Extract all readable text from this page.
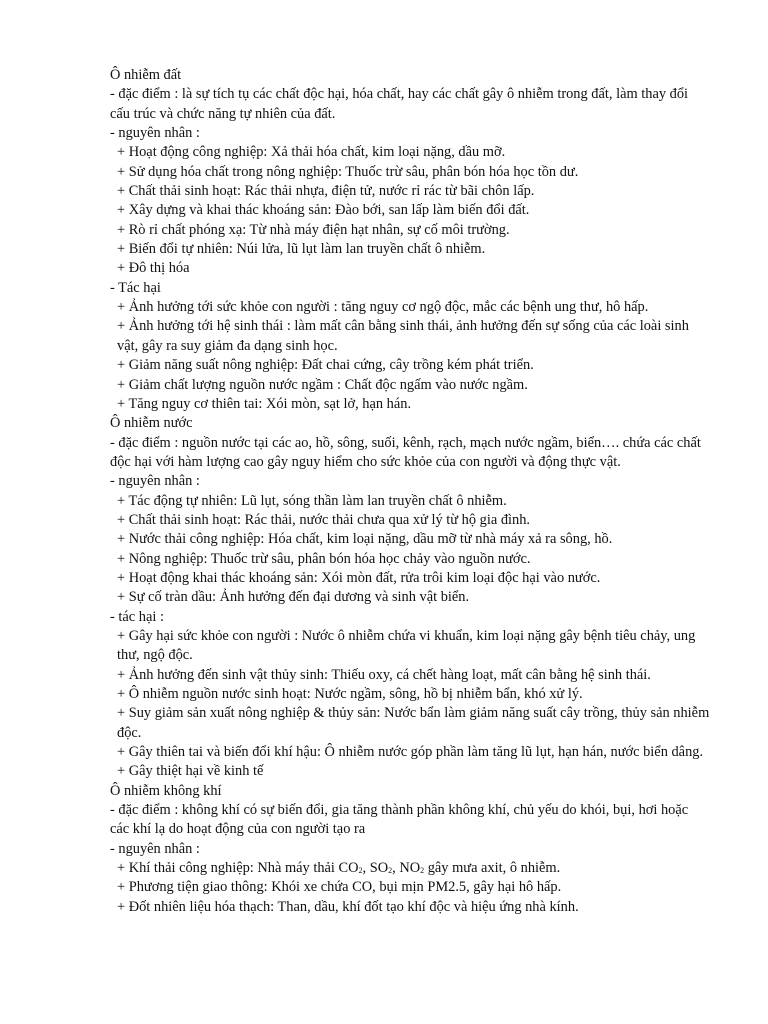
Ô nhiễm đất

- đặc điểm : là sự tích tụ các chất độc hại, hóa chất, hay các chất gây ô nhiễm trong đất, làm thay đổi cấu trúc và chức năng tự nhiên của đất.

- nguyên nhân :

+ Hoạt động công nghiệp: Xả thải hóa chất, kim loại nặng, dầu mỡ.

+ Sử dụng hóa chất trong nông nghiệp: Thuốc trừ sâu, phân bón hóa học tồn dư.

+ Chất thải sinh hoạt: Rác thải nhựa, điện tử, nước rỉ rác từ bãi chôn lấp.

+ Xây dựng và khai thác khoáng sản: Đào bới, san lấp làm biến đổi đất.

+ Rò rỉ chất phóng xạ: Từ nhà máy điện hạt nhân, sự cố môi trường.

+ Biến đổi tự nhiên: Núi lửa, lũ lụt làm lan truyền chất ô nhiễm.

+ Đô thị hóa

- Tác hại

+ Ảnh hưởng tới sức khỏe con người : tăng nguy cơ ngộ độc, mắc các bệnh ung thư, hô hấp.

+ Ảnh hưởng tới hệ sinh thái : làm mất cân bằng sinh thái, ảnh hưởng đến sự sống của các loài sinh vật, gây ra suy giảm đa dạng sinh học.

+ Giảm năng suất nông nghiệp: Đất chai cứng, cây trồng kém phát triển.

+ Giảm chất lượng nguồn nước ngầm : Chất độc ngấm vào nước ngầm.

+ Tăng nguy cơ thiên tai: Xói mòn, sạt lở, hạn hán.

Ô nhiễm nước

- đặc điểm : nguồn nước tại các ao, hồ, sông, suối, kênh, rạch, mạch nước ngầm, biển…. chứa các chất độc hại với hàm lượng cao gây nguy hiểm cho sức khỏe của con người và động thực vật.

- nguyên nhân :

+ Tác động tự nhiên: Lũ lụt, sóng thần làm lan truyền chất ô nhiễm.

+ Chất thải sinh hoạt: Rác thải, nước thải chưa qua xử lý từ hộ gia đình.

+ Nước thải công nghiệp: Hóa chất, kim loại nặng, dầu mỡ từ nhà máy xả ra sông, hồ.

+ Nông nghiệp: Thuốc trừ sâu, phân bón hóa học chảy vào nguồn nước.

+ Hoạt động khai thác khoáng sản: Xói mòn đất, rửa trôi kim loại độc hại vào nước.

+ Sự cố tràn dầu: Ảnh hưởng đến đại dương và sinh vật biển.

- tác hại :

+ Gây hại sức khỏe con người : Nước ô nhiễm chứa vi khuẩn, kim loại nặng gây bệnh tiêu chảy, ung thư, ngộ độc.

+ Ảnh hưởng đến sinh vật thủy sinh: Thiếu oxy, cá chết hàng loạt, mất cân bằng hệ sinh thái.

+ Ô nhiễm nguồn nước sinh hoạt: Nước ngầm, sông, hồ bị nhiễm bẩn, khó xử lý.

+ Suy giảm sản xuất nông nghiệp & thủy sản: Nước bẩn làm giảm năng suất cây trồng, thủy sản nhiễm độc.

+ Gây thiên tai và biến đổi khí hậu: Ô nhiễm nước góp phần làm tăng lũ lụt, hạn hán, nước biển dâng.

+ Gây thiệt hại về kinh tế

Ô nhiễm không khí

- đặc điểm : không khí có sự biến đổi, gia tăng thành phần không khí, chủ yếu do khói, bụi, hơi hoặc các khí lạ do hoạt động của con người tạo ra

- nguyên nhân :

+ Khí thải công nghiệp: Nhà máy thải $CO_2$, $SO_2$, $NO_2$ gây mưa axit, ô nhiễm.

+ Phương tiện giao thông: Khói xe chứa CO, bụi mịn PM2.5, gây hại hô hấp.

+ Đốt nhiên liệu hóa thạch: Than, dầu, khí đốt tạo khí độc và hiệu ứng nhà kính.
